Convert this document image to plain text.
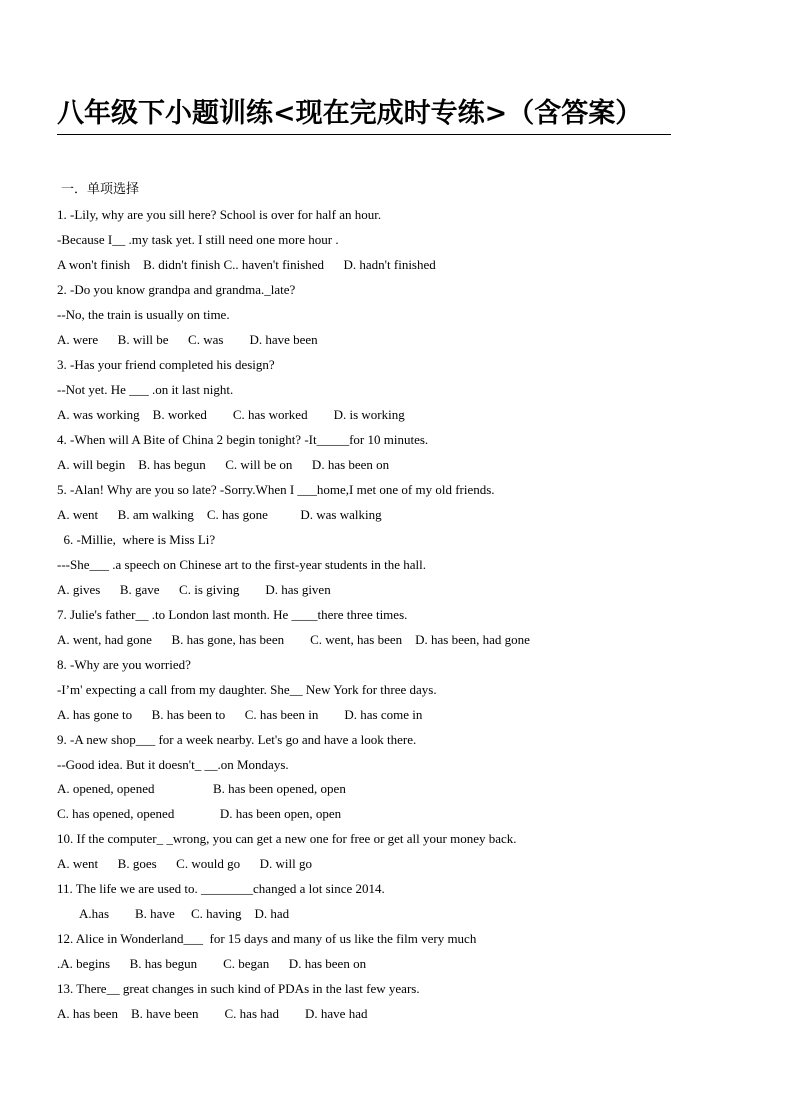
八年级下小题训练<现在完成时专练>（含答案）
一．单项选择
1. -Lily, why are you sill here? School is over for half an hour.
-Because I__ .my task yet. I still need one more hour .
A won't finish    B. didn't finish C.. haven't finished      D. hadn't finished
2. -Do you know grandpa and grandma._late?
--No, the train is usually on time.
A. were      B. will be      C. was        D. have been
3. -Has your friend completed his design?
--Not yet. He ___ .on it last night.
A. was working    B. worked        C. has worked        D. is working
4. -When will A Bite of China 2 begin tonight? -It_____for 10 minutes.
A. will begin    B. has begun      C. will be on      D. has been on
5. -Alan! Why are you so late? -Sorry.When I ___home,I met one of my old friends.
A. went      B. am walking    C. has gone          D. was walking
6. -Millie,  where is Miss Li?
---She___ .a speech on Chinese art to the first-year students in the hall.
A. gives      B. gave      C. is giving        D. has given
7. Julie's father__ .to London last month. He ____there three times.
A. went, had gone      B. has gone, has been        C. went, has been    D. has been, had gone
8. -Why are you worried?
-I’m' expecting a call from my daughter. She__ New York for three days.
A. has gone to      B. has been to      C. has been in        D. has come in
9. -A new shop___ for a week nearby. Let's go and have a look there.
--Good idea. But it doesn't_ __.on Mondays.
A. opened, opened                  B. has been opened, open
C. has opened, opened              D. has been open, open
10. If the computer_ _wrong, you can get a new one for free or get all your money back.
A. went      B. goes      C. would go      D. will go
11. The life we are used to. ________changed a lot since 2014.
A.has        B. have     C. having    D. had
12. Alice in Wonderland___  for 15 days and many of us like the film very much
.A. begins      B. has begun        C. began      D. has been on
13. There__ great changes in such kind of PDAs in the last few years.
A. has been    B. have been        C. has had        D. have had
